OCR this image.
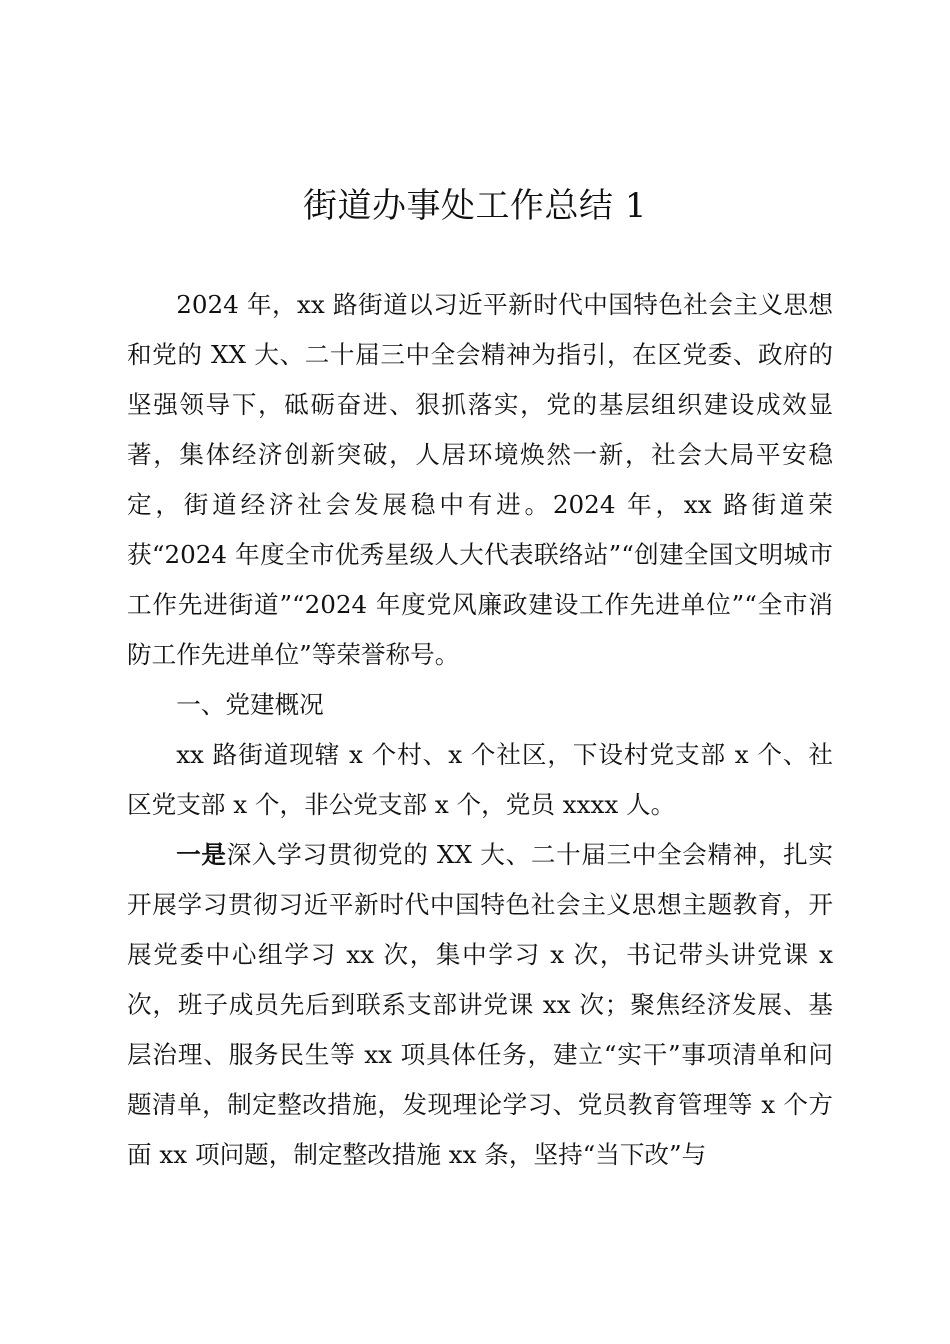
街道办事处工作总结 1

2024 年，xx 路街道以习近平新时代中国特色社会主义思想和党的 XX 大、二十届三中全会精神为指引，在区党委、政府的坚强领导下，砥砺奋进、狠抓落实，党的基层组织建设成效显著，集体经济创新突破，人居环境焕然一新，社会大局平安稳定，街道经济社会发展稳中有进。2024 年，xx 路街道荣获“2024 年度全市优秀星级人大代表联络站”“创建全国文明城市工作先进街道”“2024 年度党风廉政建设工作先进单位”“全市消防工作先进单位”等荣誉称号。

一、党建概况

xx 路街道现辖 x 个村、x 个社区，下设村党支部 x 个、社区党支部 x 个，非公党支部 x 个，党员 xxxx 人。

一是深入学习贯彻党的 XX 大、二十届三中全会精神，扎实开展学习贯彻习近平新时代中国特色社会主义思想主题教育，开展党委中心组学习 xx 次，集中学习 x 次，书记带头讲党课 x 次，班子成员先后到联系支部讲党课 xx 次；聚焦经济发展、基层治理、服务民生等 xx 项具体任务，建立“实干”事项清单和问题清单，制定整改措施，发现理论学习、党员教育管理等 x 个方面 xx 项问题，制定整改措施 xx 条，坚持“当下改”与
